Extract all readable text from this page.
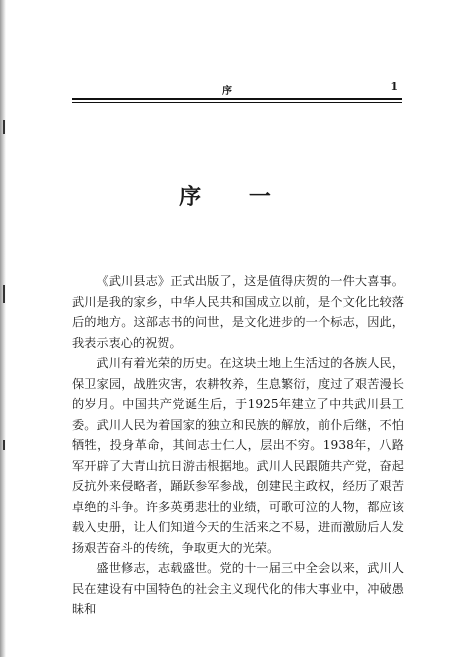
序	1
序 一

《武川县志》正式出版了，这是值得庆贺的一件大喜事。武川是我的家乡，中华人民共和国成立以前，是个文化比较落后的地方。这部志书的问世，是文化进步的一个标志，因此，我表示衷心的祝贺。

武川有着光荣的历史。在这块土地上生活过的各族人民，保卫家园，战胜灾害，农耕牧养，生息繁衍，度过了艰苦漫长的岁月。中国共产党诞生后，于1925年建立了中共武川县工委。武川人民为着国家的独立和民族的解放，前仆后继，不怕牺牲，投身革命，其间志士仁人，层出不穷。1938年，八路军开辟了大青山抗日游击根据地。武川人民跟随共产党，奋起反抗外来侵略者，踊跃参军参战，创建民主政权，经历了艰苦卓绝的斗争。许多英勇悲壮的业绩，可歌可泣的人物，都应该载入史册，让人们知道今天的生活来之不易，进而激励后人发扬艰苦奋斗的传统，争取更大的光荣。

盛世修志，志载盛世。党的十一届三中全会以来，武川人民在建设有中国特色的社会主义现代化的伟大事业中，冲破愚昧和
